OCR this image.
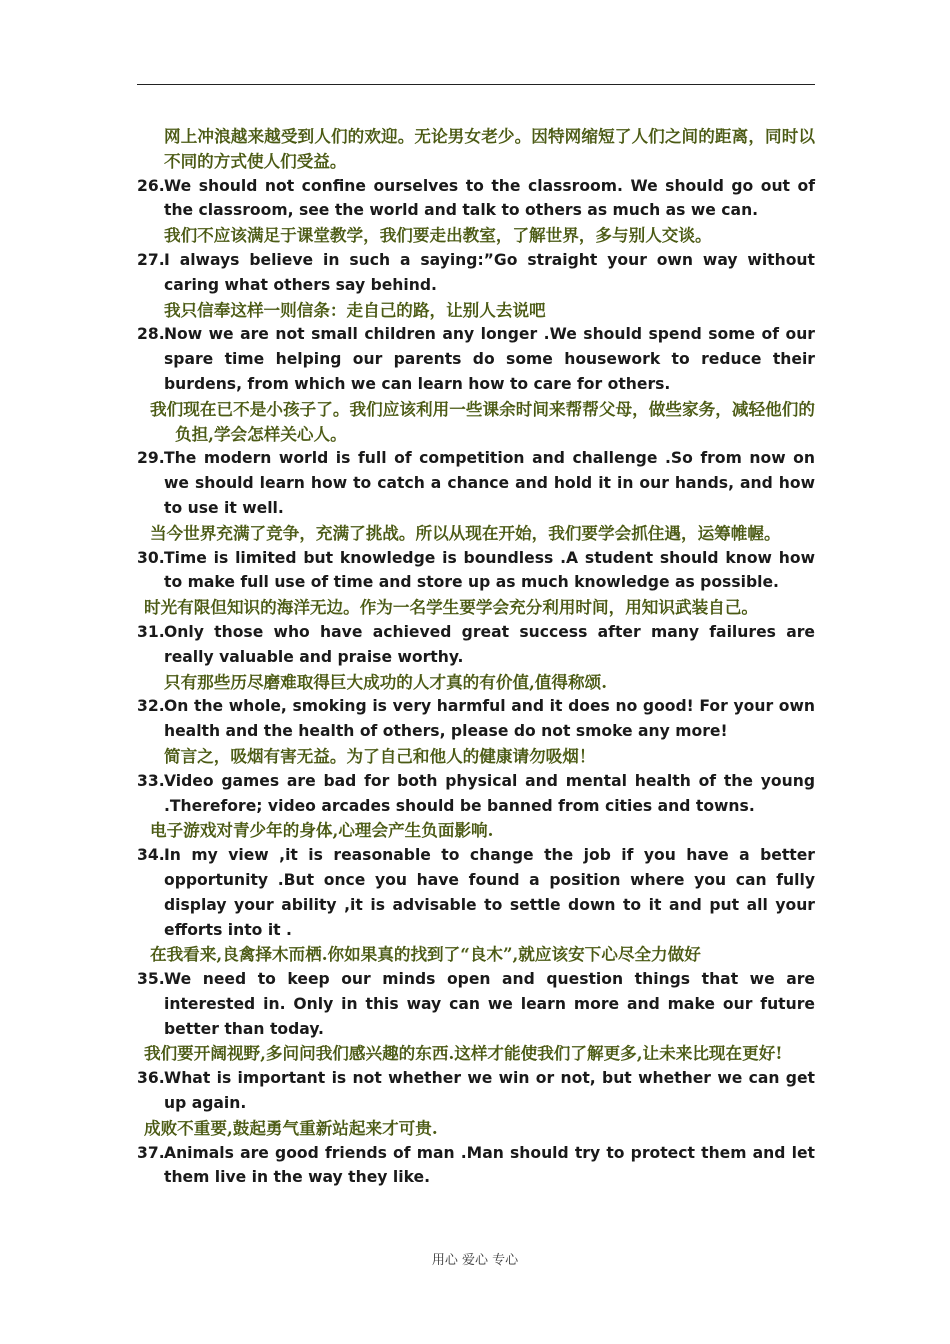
网上冲浪越来越受到人们的欢迎。无论男女老少。因特网缩短了人们之间的距离，同时以不同的方式使人们受益。

26.We should not confine ourselves to the classroom. We should go out of the classroom, see the world and talk to others as much as we can.

我们不应该满足于课堂教学，我们要走出教室，了解世界，多与别人交谈。

27.I always believe in such a saying:”Go straight your own way without caring what others say behind.

我只信奉这样一则信条：走自己的路，让别人去说吧

28.Now we are not small children any longer .We should spend some of our spare time helping our parents do some housework to reduce their burdens, from which we can learn how to care for others.

我们现在已不是小孩子了。我们应该利用一些课余时间来帮帮父母，做些家务，减轻他们的负担,学会怎样关心人。

29.The modern world is full of competition and challenge .So from now on we should learn how to catch a chance and hold it in our hands, and how to use it well.

当今世界充满了竞争，充满了挑战。所以从现在开始，我们要学会抓住遇，运筹帷幄。

30.Time is limited but knowledge is boundless .A student should know how to make full use of time and store up as much knowledge as possible.

时光有限但知识的海洋无边。作为一名学生要学会充分利用时间，用知识武装自己。

31.Only those who have achieved great success after many failures are really valuable and praise worthy.

只有那些历尽磨难取得巨大成功的人才真的有价值,值得称颂.

32.On the whole, smoking is very harmful and it does no good! For your own health and the health of others, please do not smoke any more!

简言之，吸烟有害无益。为了自己和他人的健康请勿吸烟！

33.Video games are bad for both physical and mental health of the young .Therefore; video arcades should be banned from cities and towns.

电子游戏对青少年的身体,心理会产生负面影响.

34.In my view ,it is reasonable to change the job if you have a better opportunity .But once you have found a position where you can fully display your ability ,it is advisable to settle down to it and put all your efforts into it .

在我看来,良禽择木而栖.你如果真的找到了“良木”,就应该安下心尽全力做好

35.We need to keep our minds open and question things that we are interested in. Only in this way can we learn more and make our future better than today.

我们要开阔视野,多问问我们感兴趣的东西.这样才能使我们了解更多,让未来比现在更好!

36.What is important is not whether we win or not, but whether we can get up again.

成败不重要,鼓起勇气重新站起来才可贵.

37.Animals are good friends of man .Man should try to protect them and let them live in the way they like.

用心 爱心 专心
